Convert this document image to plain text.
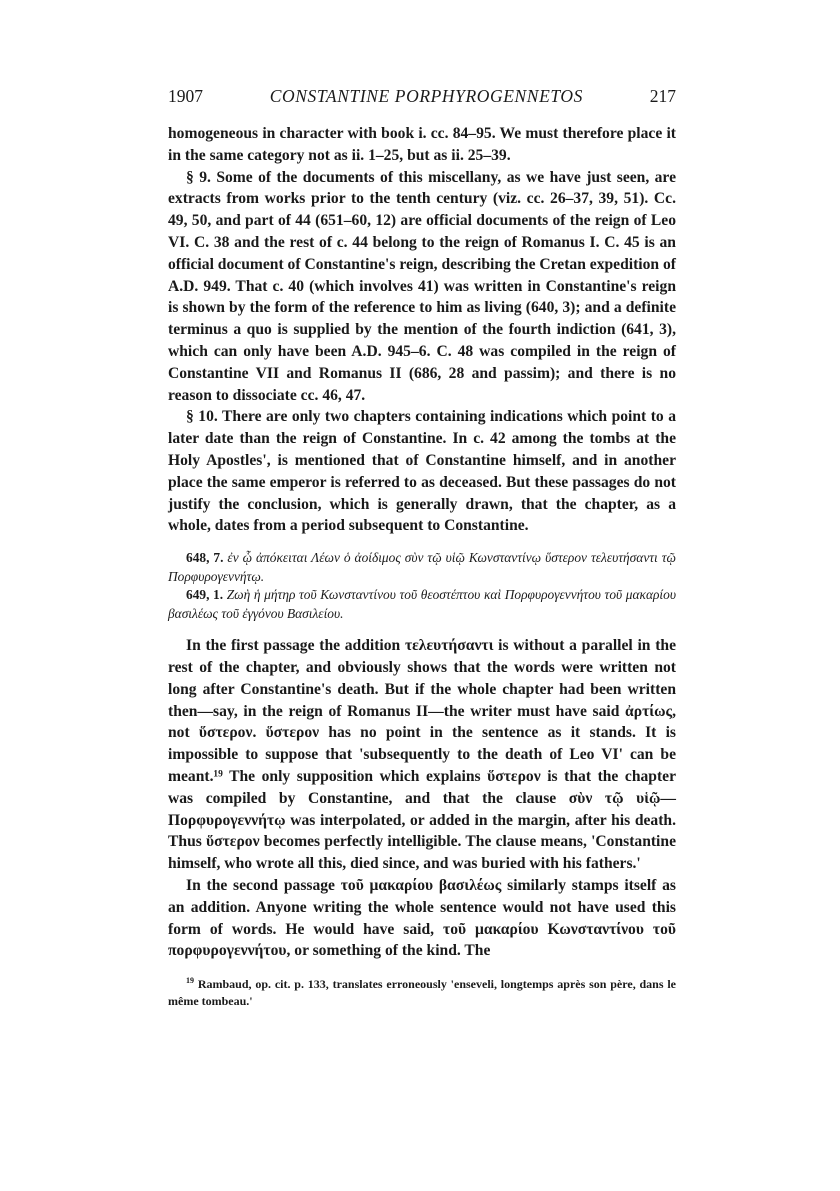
1907	CONSTANTINE PORPHYROGENNETOS	217

homogeneous in character with book i. cc. 84–95. We must therefore place it in the same category not as ii. 1–25, but as ii. 25–39.

§ 9. Some of the documents of this miscellany, as we have just seen, are extracts from works prior to the tenth century (viz. cc. 26–37, 39, 51). Cc. 49, 50, and part of 44 (651–60, 12) are official documents of the reign of Leo VI. C. 38 and the rest of c. 44 belong to the reign of Romanus I. C. 45 is an official document of Constantine's reign, describing the Cretan expedition of A.D. 949. That c. 40 (which involves 41) was written in Constantine's reign is shown by the form of the reference to him as living (640, 3); and a definite terminus a quo is supplied by the mention of the fourth indiction (641, 3), which can only have been A.D. 945–6. C. 48 was compiled in the reign of Constantine VII and Romanus II (686, 28 and passim); and there is no reason to dissociate cc. 46, 47.

§ 10. There are only two chapters containing indications which point to a later date than the reign of Constantine. In c. 42 among the tombs at the Holy Apostles', is mentioned that of Constantine himself, and in another place the same emperor is referred to as deceased. But these passages do not justify the conclusion, which is generally drawn, that the chapter, as a whole, dates from a period subsequent to Constantine.

648, 7. ἐν ᾧ ἀπόκειται Λέων ὁ ἀοίδιμος σὺν τῷ υἱῷ Κωνσταντίνῳ ὕστερον τελευτήσαντι τῷ Πορφυρογεννήτῳ.

649, 1. Ζωὴ ἡ μήτηρ τοῦ Κωνσταντίνου τοῦ θεοστέπτου καὶ Πορφυρογεννήτου τοῦ μακαρίου βασιλέως τοῦ ἐγγόνου Βασιλείου.

In the first passage the addition τελευτήσαντι is without a parallel in the rest of the chapter, and obviously shows that the words were written not long after Constantine's death. But if the whole chapter had been written then—say, in the reign of Romanus II—the writer must have said ἀρτίως, not ὕστερον. ὕστερον has no point in the sentence as it stands. It is impossible to suppose that 'subsequently to the death of Leo VI' can be meant.¹⁹ The only supposition which explains ὕστερον is that the chapter was compiled by Constantine, and that the clause σὺν τῷ υἱῷ—Πορφυρογεννήτῳ was interpolated, or added in the margin, after his death. Thus ὕστερον becomes perfectly intelligible. The clause means, 'Constantine himself, who wrote all this, died since, and was buried with his fathers.'

In the second passage τοῦ μακαρίου βασιλέως similarly stamps itself as an addition. Anyone writing the whole sentence would not have used this form of words. He would have said, τοῦ μακαρίου Κωνσταντίνου τοῦ πορφυρογεννήτου, or something of the kind. The

$^{19}$ Rambaud, op. cit. p. 133, translates erroneously 'enseveli, longtemps après son père, dans le même tombeau.'
